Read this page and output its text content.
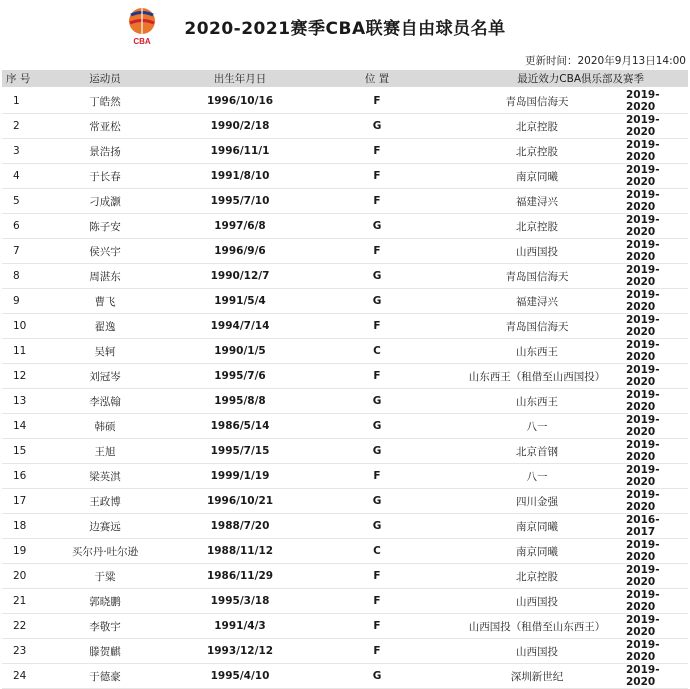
CBA
2020-2021赛季CBA联赛自由球员名单
更新时间：2020年9月13日14:00
序 号	运动员	出生年月日	位 置	最近效力CBA俱乐部及赛季	
1	丁皓然	1996/10/16	F	青岛国信海天	2019-2020
2	常亚松	1990/2/18	G	北京控股	2019-2020
3	景浩扬	1996/11/1	F	北京控股	2019-2020
4	于长春	1991/8/10	F	南京同曦	2019-2020
5	刁成灏	1995/7/10	F	福建浔兴	2019-2020
6	陈子安	1997/6/8	G	北京控股	2019-2020
7	侯兴宇	1996/9/6	F	山西国投	2019-2020
8	周湛东	1990/12/7	G	青岛国信海天	2019-2020
9	曹飞	1991/5/4	G	福建浔兴	2019-2020
10	翟逸	1994/7/14	F	青岛国信海天	2019-2020
11	吴轲	1990/1/5	C	山东西王	2019-2020
12	刘冠岑	1995/7/6	F	山东西王（租借至山西国投）	2019-2020
13	李泓翰	1995/8/8	G	山东西王	2019-2020
14	韩硕	1986/5/14	G	八一	2019-2020
15	王旭	1995/7/15	G	北京首钢	2019-2020
16	梁英淇	1999/1/19	F	八一	2019-2020
17	王政博	1996/10/21	G	四川金强	2019-2020
18	边赛远	1988/7/20	G	南京同曦	2016-2017
19	买尔丹·吐尔逊	1988/11/12	C	南京同曦	2019-2020
20	于粱	1986/11/29	F	北京控股	2019-2020
21	郭晓鹏	1995/3/18	F	山西国投	2019-2020
22	李敬宇	1991/4/3	F	山西国投（租借至山东西王）	2019-2020
23	滕贺麒	1993/12/12	F	山西国投	2019-2020
24	于德豪	1995/4/10	G	深圳新世纪	2019-2020
